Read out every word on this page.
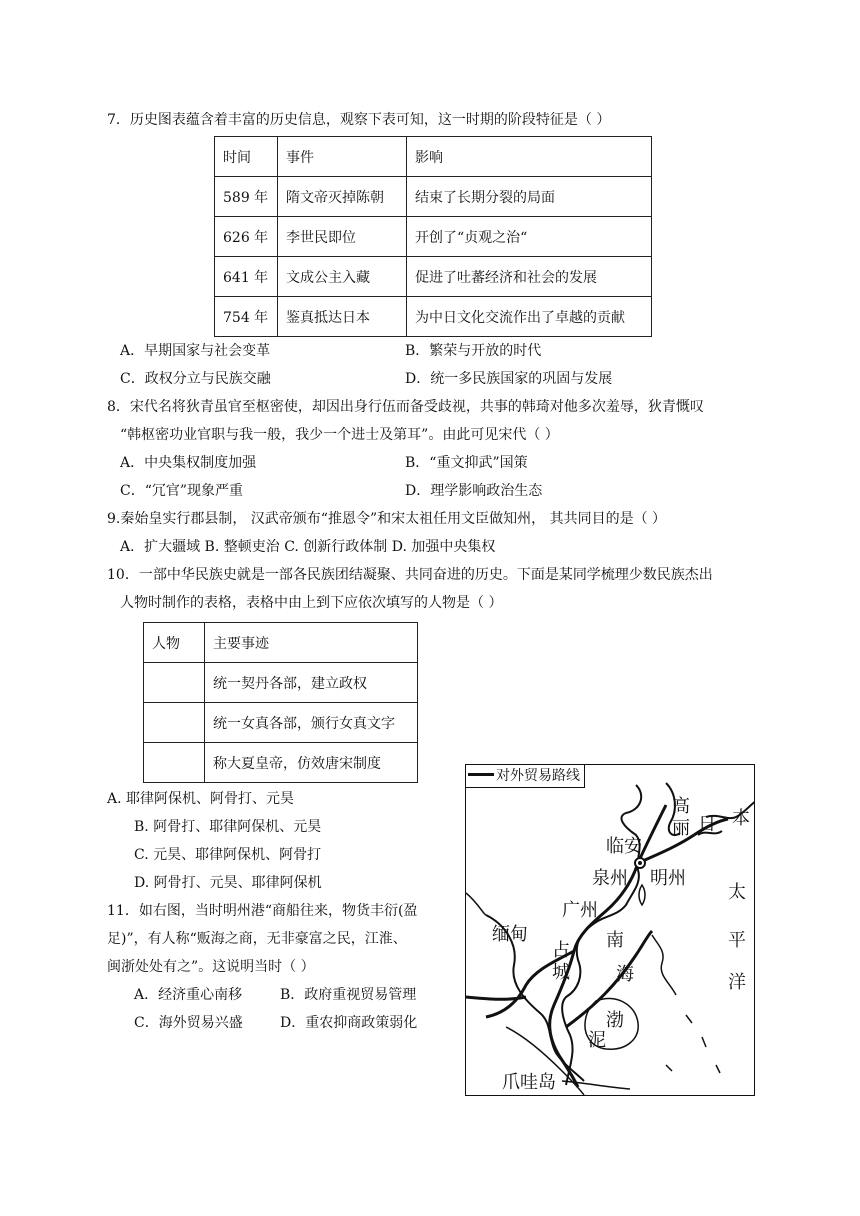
7．历史图表蕴含着丰富的历史信息，观察下表可知，这一时期的阶段特征是（ ）
时间	事件	影响
589 年	隋文帝灭掉陈朝	结束了长期分裂的局面
626 年	李世民即位	开创了“贞观之治“
641 年	文成公主入藏	促进了吐蕃经济和社会的发展
754 年	鉴真抵达日本	为中日文化交流作出了卓越的贡献
A．早期国家与社会变革	B．繁荣与开放的时代
C．政权分立与民族交融	D．统一多民族国家的巩固与发展
8．宋代名将狄青虽官至枢密使，却因出身行伍而备受歧视，共事的韩琦对他多次羞辱，狄青慨叹
“韩枢密功业官职与我一般，我少一个进士及第耳”。由此可见宋代（ ）
A．中央集权制度加强	B．“重文抑武”国策
C．“冗官”现象严重	D．理学影响政治生态
9.秦始皇实行郡县制， 汉武帝颁布“推恩令”和宋太祖任用文臣做知州， 其共同目的是（ ）
A．扩大疆域 B. 整顿吏治 C. 创新行政体制 D. 加强中央集权
10．一部中华民族史就是一部各民族团结凝聚、共同奋进的历史。下面是某同学梳理少数民族杰出
人物时制作的表格，表格中由上到下应依次填写的人物是（ ）
人物	主要事迹
	统一契丹各部，建立政权
	统一女真各部，颁行女真文字
	称大夏皇帝，仿效唐宋制度
A. 耶律阿保机、阿骨打、元昊
B. 阿骨打、耶律阿保机、元昊
C. 元昊、耶律阿保机、阿骨打
D. 阿骨打、元昊、耶律阿保机
11．如右图，当时明州港“商船往来，物货丰衍(盈
足)”，有人称“贩海之商，无非豪富之民，江淮、
闽浙处处有之”。这说明当时（ ）
A．经济重心南移	B．政府重视贸易管理
C．海外贸易兴盛	D．重农抑商政策弱化
对外贸易路线
高
丽 日 本
临安
泉州 明州
广州
缅 甸
占
城
南
海
太
平
洋
渤
泥
爪哇岛
